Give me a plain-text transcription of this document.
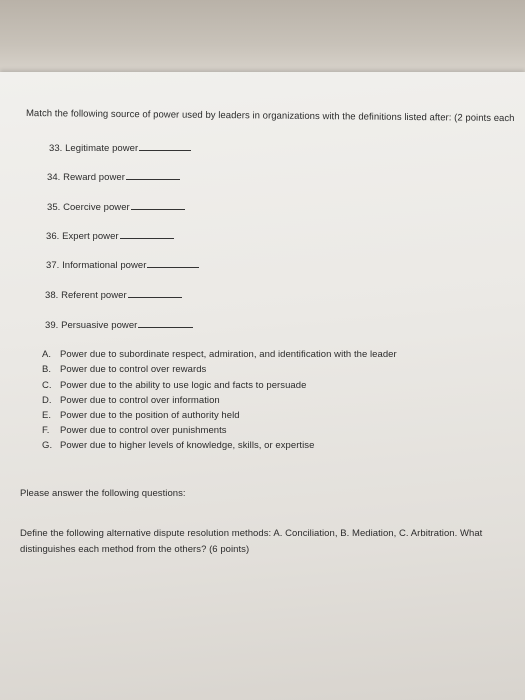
Match the following source of power used by leaders in organizations with the definitions listed after: (2 points each
33. Legitimate power
34. Reward power
35. Coercive power
36. Expert power
37. Informational power
38. Referent power
39. Persuasive power
A. Power due to subordinate respect, admiration, and identification with the leader
B. Power due to control over rewards
C. Power due to the ability to use logic and facts to persuade
D. Power due to control over information
E. Power due to the position of authority held
F. Power due to control over punishments
G. Power due to higher levels of knowledge, skills, or expertise
Please answer the following questions:
Define the following alternative dispute resolution methods: A. Conciliation, B. Mediation, C. Arbitration. What distinguishes each method from the others? (6 points)
